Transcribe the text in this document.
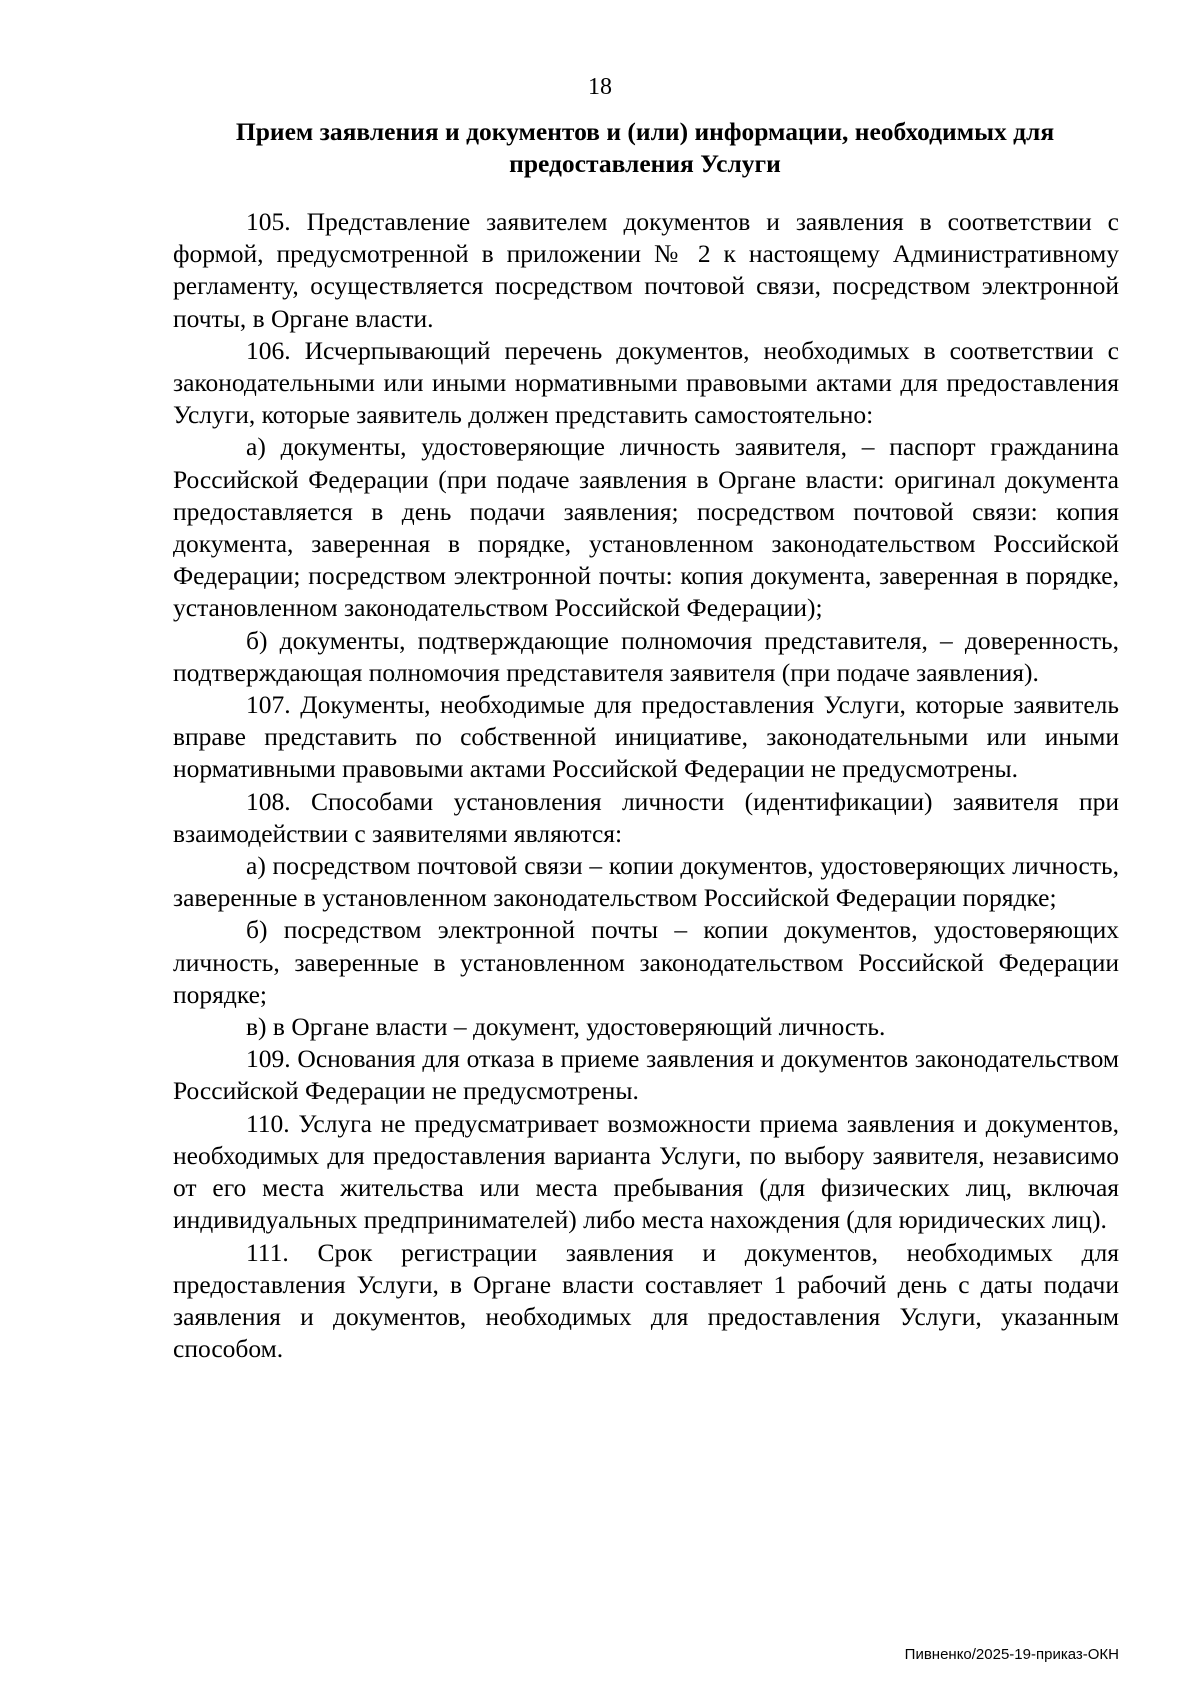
18
Прием заявления и документов и (или) информации, необходимых для предоставления Услуги

105. Представление заявителем документов и заявления в соответствии с формой, предусмотренной в приложении № 2 к настоящему Административному регламенту, осуществляется посредством почтовой связи, посредством электронной почты, в Органе власти.

106. Исчерпывающий перечень документов, необходимых в соответствии с законодательными или иными нормативными правовыми актами для предоставления Услуги, которые заявитель должен представить самостоятельно:

а) документы, удостоверяющие личность заявителя, – паспорт гражданина Российской Федерации (при подаче заявления в Органе власти: оригинал документа предоставляется в день подачи заявления; посредством почтовой связи: копия документа, заверенная в порядке, установленном законодательством Российской Федерации; посредством электронной почты: копия документа, заверенная в порядке, установленном законодательством Российской Федерации);

б) документы, подтверждающие полномочия представителя, – доверенность, подтверждающая полномочия представителя заявителя (при подаче заявления).

107. Документы, необходимые для предоставления Услуги, которые заявитель вправе представить по собственной инициативе, законодательными или иными нормативными правовыми актами Российской Федерации не предусмотрены.

108. Способами установления личности (идентификации) заявителя при взаимодействии с заявителями являются:

а) посредством почтовой связи – копии документов, удостоверяющих личность, заверенные в установленном законодательством Российской Федерации порядке;

б) посредством электронной почты – копии документов, удостоверяющих личность, заверенные в установленном законодательством Российской Федерации порядке;

в) в Органе власти – документ, удостоверяющий личность.

109. Основания для отказа в приеме заявления и документов законодательством Российской Федерации не предусмотрены.

110. Услуга не предусматривает возможности приема заявления и документов, необходимых для предоставления варианта Услуги, по выбору заявителя, независимо от его места жительства или места пребывания (для физических лиц, включая индивидуальных предпринимателей) либо места нахождения (для юридических лиц).

111. Срок регистрации заявления и документов, необходимых для предоставления Услуги, в Органе власти составляет 1 рабочий день с даты подачи заявления и документов, необходимых для предоставления Услуги, указанным способом.

Пивненко/2025-19-приказ-ОКН
